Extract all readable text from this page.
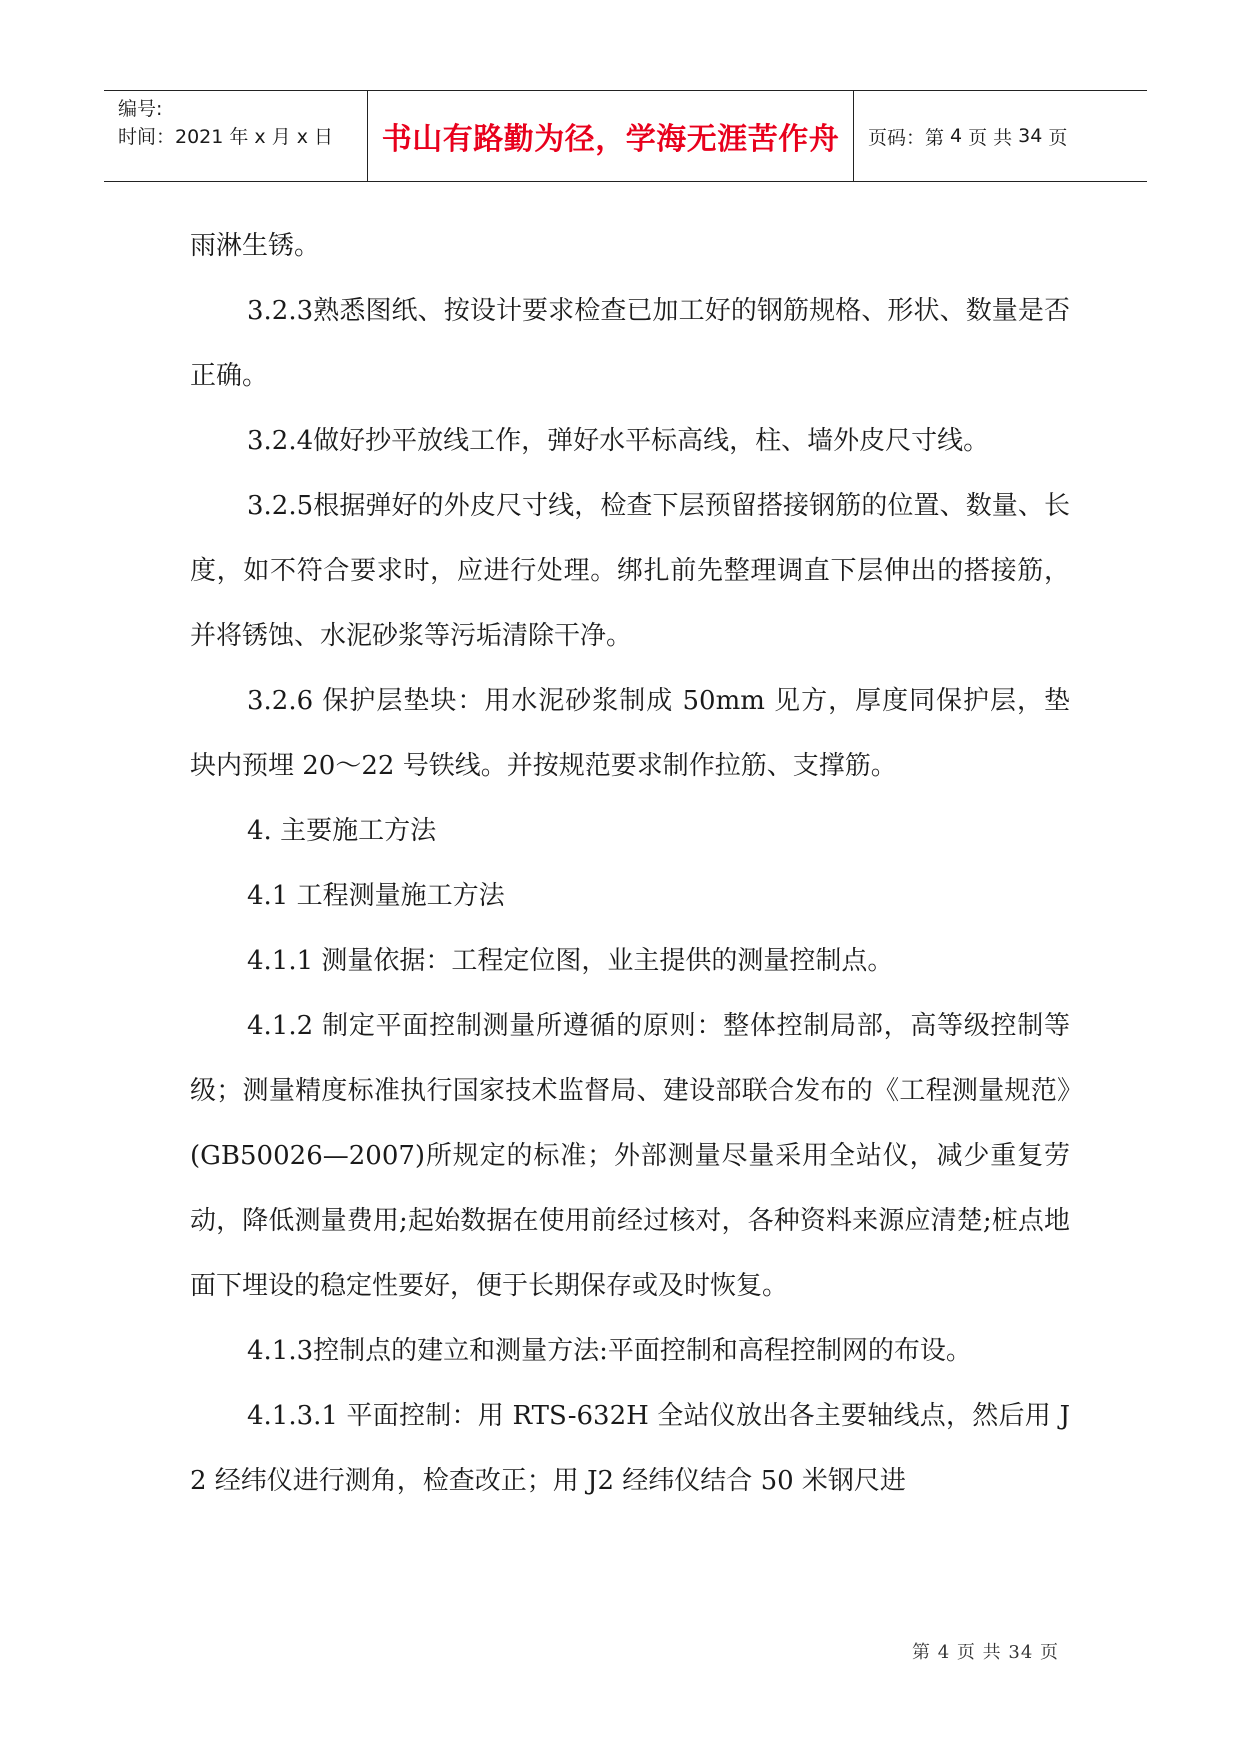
编号:
时间：2021 年 x 月 x 日	书山有路勤为径，学海无涯苦作舟 页码：第 4 页 共 34 页

雨淋生锈。

3.2.3熟悉图纸、按设计要求检查已加工好的钢筋规格、形状、数量是否正确。

3.2.4做好抄平放线工作，弹好水平标高线，柱、墙外皮尺寸线。

3.2.5根据弹好的外皮尺寸线，检查下层预留搭接钢筋的位置、数量、长度，如不符合要求时，应进行处理。绑扎前先整理调直下层伸出的搭接筋，并将锈蚀、水泥砂浆等污垢清除干净。

3.2.6 保护层垫块：用水泥砂浆制成 50mm 见方，厚度同保护层，垫块内预埋 20～22 号铁线。并按规范要求制作拉筋、支撑筋。

4. 主要施工方法

4.1 工程测量施工方法

4.1.1 测量依据：工程定位图，业主提供的测量控制点。

4.1.2 制定平面控制测量所遵循的原则：整体控制局部，高等级控制等级；测量精度标准执行国家技术监督局、建设部联合发布的《工程测量规范》(GB50026—2007)所规定的标准；外部测量尽量采用全站仪，减少重复劳动，降低测量费用;起始数据在使用前经过核对，各种资料来源应清楚;桩点地面下埋设的稳定性要好，便于长期保存或及时恢复。

4.1.3控制点的建立和测量方法:平面控制和高程控制网的布设。

4.1.3.1 平面控制：用 RTS-632H 全站仪放出各主要轴线点，然后用 J2 经纬仪进行测角，检查改正；用 J2 经纬仪结合 50 米钢尺进

第 4 页 共 34 页
